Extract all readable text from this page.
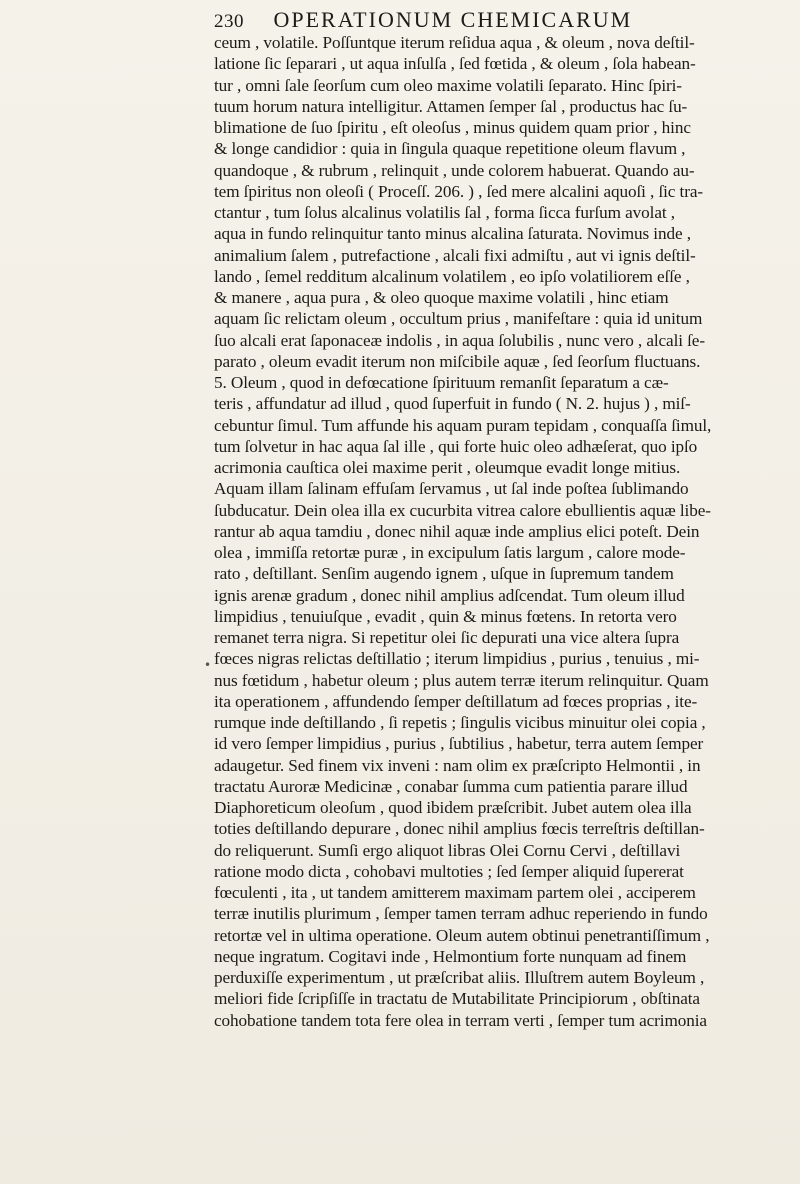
230 OPERATIONUM CHEMICARUM
•
ceum , volatile. Poſſuntque iterum reſidua aqua , & oleum , nova deſtil-
latione ſic ſeparari , ut aqua inſulſa , ſed fœtida , & oleum , ſola habean-
tur , omni ſale ſeorſum cum oleo maxime volatili ſeparato. Hinc ſpiri-
tuum horum natura intelligitur. Attamen ſemper ſal , productus hac ſu-
blimatione de ſuo ſpiritu , eſt oleoſus , minus quidem quam prior , hinc
& longe candidior : quia in ſingula quaque repetitione oleum flavum ,
quandoque , & rubrum , relinquit , unde colorem habuerat. Quando au-
tem ſpiritus non oleoſi ( Proceſſ. 206. ) , ſed mere alcalini aquoſi , ſic tra-
ctantur , tum ſolus alcalinus volatilis ſal , forma ſicca furſum avolat ,
aqua in fundo relinquitur tanto minus alcalina ſaturata. Novimus inde ,
animalium ſalem , putrefactione , alcali fixi admiſtu , aut vi ignis deſtil-
lando , ſemel redditum alcalinum volatilem , eo ipſo volatiliorem eſſe ,
& manere , aqua pura , & oleo quoque maxime volatili , hinc etiam
aquam ſic relictam oleum , occultum prius , manifeſtare : quia id unitum
ſuo alcali erat ſaponaceæ indolis , in aqua ſolubilis , nunc vero , alcali ſe-
parato , oleum evadit iterum non miſcibile aquæ , ſed ſeorſum fluctuans.
5. Oleum , quod in defœcatione ſpirituum remanſit ſeparatum a cæ-
teris , affundatur ad illud , quod ſuperfuit in fundo ( N. 2. hujus ) , miſ-
cebuntur ſimul. Tum affunde his aquam puram tepidam , conquaſſa ſimul,
tum ſolvetur in hac aqua ſal ille , qui forte huic oleo adhæſerat, quo ipſo
acrimonia cauſtica olei maxime perit , oleumque evadit longe mitius.
Aquam illam ſalinam effuſam ſervamus , ut ſal inde poſtea ſublimando
ſubducatur. Dein olea illa ex cucurbita vitrea calore ebullientis aquæ libe-
rantur ab aqua tamdiu , donec nihil aquæ inde amplius elici poteſt. Dein
olea , immiſſa retortæ puræ , in excipulum ſatis largum , calore mode-
rato , deſtillant. Senſim augendo ignem , uſque in ſupremum tandem
ignis arenæ gradum , donec nihil amplius adſcendat. Tum oleum illud
limpidius , tenuiuſque , evadit , quin & minus fœtens. In retorta vero
remanet terra nigra. Si repetitur olei ſic depurati una vice altera ſupra
fœces nigras relictas deſtillatio ; iterum limpidius , purius , tenuius , mi-
nus fœtidum , habetur oleum ; plus autem terræ iterum relinquitur. Quam
ita operationem , affundendo ſemper deſtillatum ad fœces proprias , ite-
rumque inde deſtillando , ſi repetis ; ſingulis vicibus minuitur olei copia ,
id vero ſemper limpidius , purius , ſubtilius , habetur, terra autem ſemper
adaugetur. Sed finem vix inveni : nam olim ex præſcripto Helmontii , in
tractatu Auroræ Medicinæ , conabar ſumma cum patientia parare illud
Diaphoreticum oleoſum , quod ibidem præſcribit. Jubet autem olea illa
toties deſtillando depurare , donec nihil amplius fœcis terreſtris deſtillan-
do reliquerunt. Sumſi ergo aliquot libras Olei Cornu Cervi , deſtillavi
ratione modo dicta , cohobavi multoties ; ſed ſemper aliquid ſupererat
fœculenti , ita , ut tandem amitterem maximam partem olei , acciperem
terræ inutilis plurimum , ſemper tamen terram adhuc reperiendo in fundo
retortæ vel in ultima operatione. Oleum autem obtinui penetrantiſſimum ,
neque ingratum. Cogitavi inde , Helmontium forte nunquam ad finem
perduxiſſe experimentum , ut præſcribat aliis. Illuſtrem autem Boyleum ,
meliori fide ſcripſiſſe in tractatu de Mutabilitate Principiorum , obſtinata
cohobatione tandem tota fere olea in terram verti , ſemper tum acrimonia
